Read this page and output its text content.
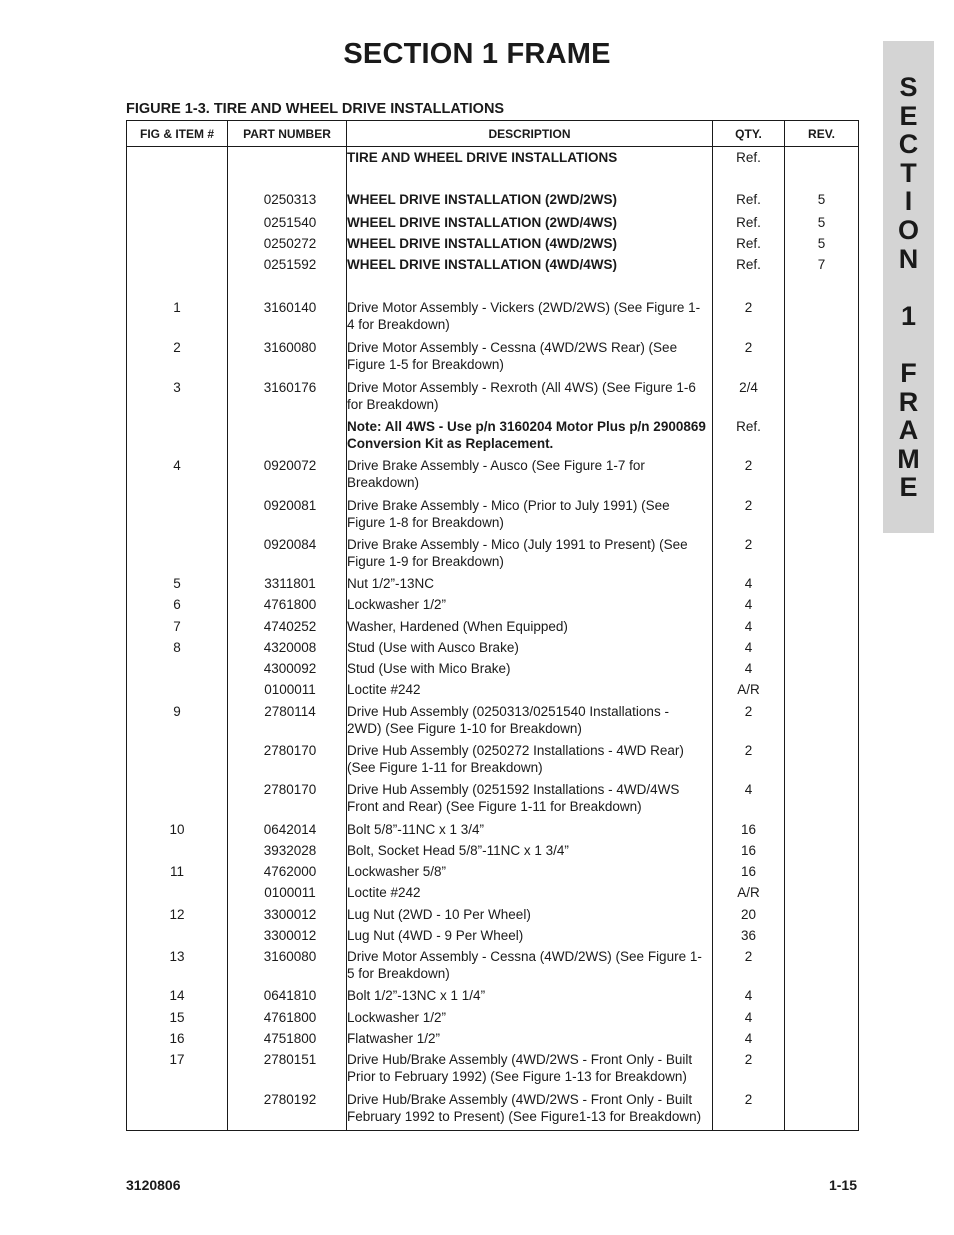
SECTION 1 FRAME
S
E
C
T
I
O
N

1

F
R
A
M
E
FIGURE 1-3. TIRE AND WHEEL DRIVE INSTALLATIONS
FIG & ITEM #	PART NUMBER	DESCRIPTION	QTY.	REV.
		TIRE AND WHEEL DRIVE INSTALLATIONS	Ref.	
	0250313	WHEEL DRIVE INSTALLATION (2WD/2WS)	Ref.	5
	0251540	WHEEL DRIVE INSTALLATION (2WD/4WS)	Ref.	5
	0250272	WHEEL DRIVE INSTALLATION (4WD/2WS)	Ref.	5
	0251592	WHEEL DRIVE INSTALLATION (4WD/4WS)	Ref.	7
1	3160140	Drive Motor Assembly - Vickers (2WD/2WS) (See Figure 1-4 for Breakdown)	2	
2	3160080	Drive Motor Assembly - Cessna (4WD/2WS Rear) (See Figure 1-5 for Breakdown)	2	
3	3160176	Drive Motor Assembly - Rexroth (All 4WS) (See Figure 1-6 for Breakdown)	2/4	
		Note: All 4WS - Use p/n 3160204 Motor Plus p/n 2900869 Conversion Kit as Replacement.	Ref.	
4	0920072	Drive Brake Assembly - Ausco (See Figure 1-7 for Breakdown)	2	
	0920081	Drive Brake Assembly - Mico (Prior to July 1991) (See Figure 1-8 for Breakdown)	2	
	0920084	Drive Brake Assembly - Mico (July 1991 to Present) (See Figure 1-9 for Breakdown)	2	
5	3311801	Nut 1/2”-13NC	4	
6	4761800	Lockwasher 1/2”	4	
7	4740252	Washer, Hardened (When Equipped)	4	
8	4320008	Stud (Use with Ausco Brake)	4	
	4300092	Stud (Use with Mico Brake)	4	
	0100011	Loctite #242	A/R	
9	2780114	Drive Hub Assembly (0250313/0251540 Installations - 2WD) (See Figure 1-10 for Breakdown)	2	
	2780170	Drive Hub Assembly (0250272 Installations - 4WD Rear) (See Figure 1-11 for Breakdown)	2	
	2780170	Drive Hub Assembly (0251592 Installations - 4WD/4WS Front and Rear) (See Figure 1-11 for Breakdown)	4	
10	0642014	Bolt 5/8”-11NC x 1 3/4”	16	
	3932028	Bolt, Socket Head 5/8”-11NC x 1 3/4”	16	
11	4762000	Lockwasher 5/8”	16	
	0100011	Loctite #242	A/R	
12	3300012	Lug Nut (2WD - 10 Per Wheel)	20	
	3300012	Lug Nut (4WD - 9 Per Wheel)	36	
13	3160080	Drive Motor Assembly - Cessna (4WD/2WS) (See Figure 1-5 for Breakdown)	2	
14	0641810	Bolt 1/2”-13NC x 1 1/4”	4	
15	4761800	Lockwasher 1/2”	4	
16	4751800	Flatwasher 1/2”	4	
17	2780151	Drive Hub/Brake Assembly (4WD/2WS - Front Only - Built Prior to February 1992) (See Figure 1-13 for Breakdown)	2	
	2780192	Drive Hub/Brake Assembly (4WD/2WS - Front Only - Built February 1992 to Present) (See Figure1-13 for Breakdown)	2	

3120806	1-15
